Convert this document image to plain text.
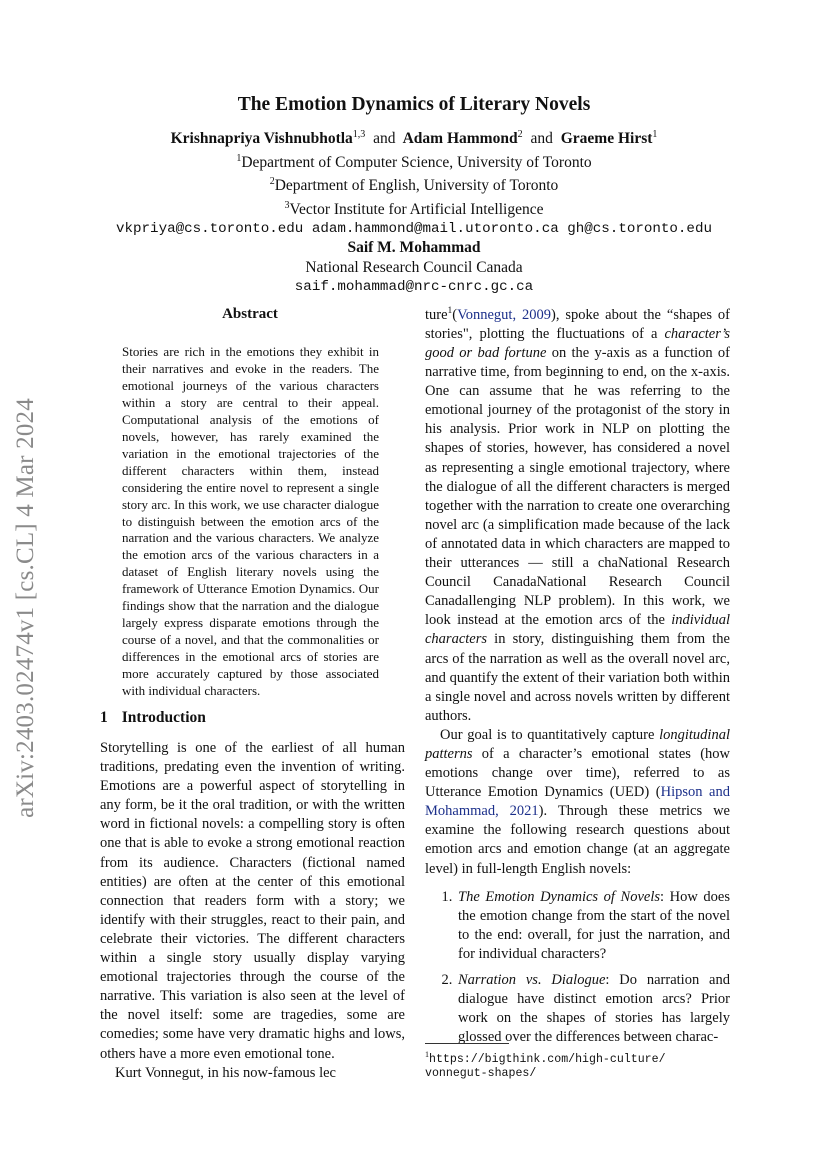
arXiv:2403.02474v1 [cs.CL] 4 Mar 2024
The Emotion Dynamics of Literary Novels
Krishnapriya Vishnubhotla$^{1,3}$ and Adam Hammond$^2$ and Graeme Hirst$^1$
$^1$Department of Computer Science, University of Toronto
$^2$Department of English, University of Toronto
$^3$Vector Institute for Artificial Intelligence
vkpriya@cs.toronto.edu adam.hammond@mail.utoronto.ca gh@cs.toronto.edu
Saif M. Mohammad
National Research Council Canada
saif.mohammad@nrc-cnrc.gc.ca
Abstract

Stories are rich in the emotions they exhibit in their narratives and evoke in the readers. The emotional journeys of the various characters within a story are central to their appeal. Computational analysis of the emotions of novels, however, has rarely examined the variation in the emotional trajectories of the different characters within them, instead considering the entire novel to represent a single story arc. In this work, we use character dialogue to distinguish between the emotion arcs of the narration and the various characters. We analyze the emotion arcs of the various characters in a dataset of English literary novels using the framework of Utterance Emotion Dynamics. Our findings show that the narration and the dialogue largely express disparate emotions through the course of a novel, and that the commonalities or differences in the emotional arcs of stories are more accurately captured by those associated with individual characters.

1 Introduction

Storytelling is one of the earliest of all human traditions, predating even the invention of writing. Emotions are a powerful aspect of storytelling in any form, be it the oral tradition, or with the written word in fictional novels: a compelling story is often one that is able to evoke a strong emotional reaction from its audience. Characters (fictional named entities) are often at the center of this emotional connection that readers form with a story; we identify with their struggles, react to their pain, and celebrate their victories. The different characters within a single story usually display varying emotional trajectories through the course of the narrative. This variation is also seen at the level of the novel itself: some are tragedies, some are comedies; some have very dramatic highs and lows, others have a more even emotional tone.

Kurt Vonnegut, in his now-famous lec

ture$^1$(Vonnegut, 2009), spoke about the “shapes of stories", plotting the fluctuations of a character’s good or bad fortune on the y-axis as a function of narrative time, from beginning to end, on the x-axis. One can assume that he was referring to the emotional journey of the protagonist of the story in his analysis. Prior work in NLP on plotting the shapes of stories, however, has considered a novel as representing a single emotional trajectory, where the dialogue of all the different characters is merged together with the narration to create one overarching novel arc (a simplification made because of the lack of annotated data in which characters are mapped to their utterances — still a chaNational Research Council CanadaNational Research Council Canadallenging NLP problem). In this work, we look instead at the emotion arcs of the individual characters in story, distinguishing them from the arcs of the narration as well as the overall novel arc, and quantify the extent of their variation both within a single novel and across novels written by different authors.

Our goal is to quantitatively capture longitudinal patterns of a character’s emotional states (how emotions change over time), referred to as Utterance Emotion Dynamics (UED) (Hipson and Mohammad, 2021). Through these metrics we examine the following research questions about emotion arcs and emotion change (at an aggregate level) in full-length English novels:

1. The Emotion Dynamics of Novels: How does the emotion change from the start of the novel to the end: overall, for just the narration, and for individual characters?
2. Narration vs. Dialogue: Do narration and dialogue have distinct emotion arcs? Prior work on the shapes of stories has largely glossed over the differences between charac-
$^1$https://bigthink.com/high-culture/
vonnegut-shapes/
